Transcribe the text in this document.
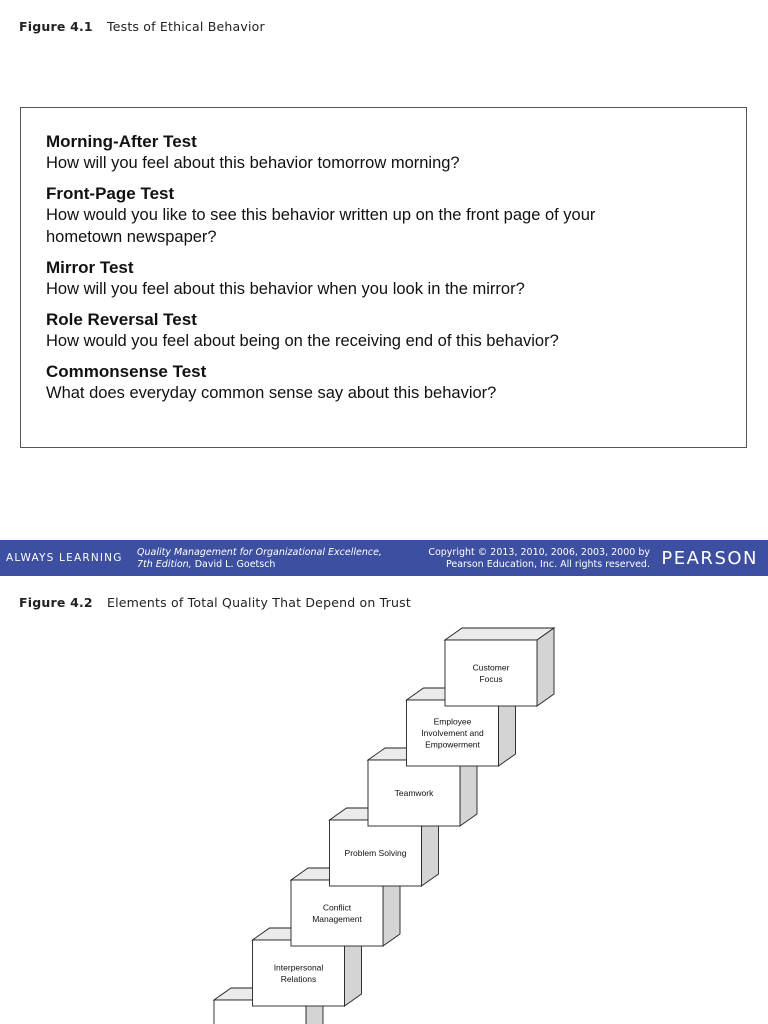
Figure 4.1 Tests of Ethical Behavior
Morning-After Test
How will you feel about this behavior tomorrow morning?
Front-Page Test
How would you like to see this behavior written up on the front page of your hometown newspaper?
Mirror Test
How will you feel about this behavior when you look in the mirror?
Role Reversal Test
How would you feel about being on the receiving end of this behavior?
Commonsense Test
What does everyday common sense say about this behavior?
ALWAYS LEARNING Quality Management for Organizational Excellence,
7th Edition, David L. Goetsch
Copyright © 2013, 2010, 2006, 2003, 2000 by
Pearson Education, Inc. All rights reserved. PEARSON
Figure 4.2 Elements of Total Quality That Depend on Trust
Interpersonal
Relations
Conflict
Management
Problem Solving
Teamwork
Employee
Involvement and
Empowerment
Customer
Focus
